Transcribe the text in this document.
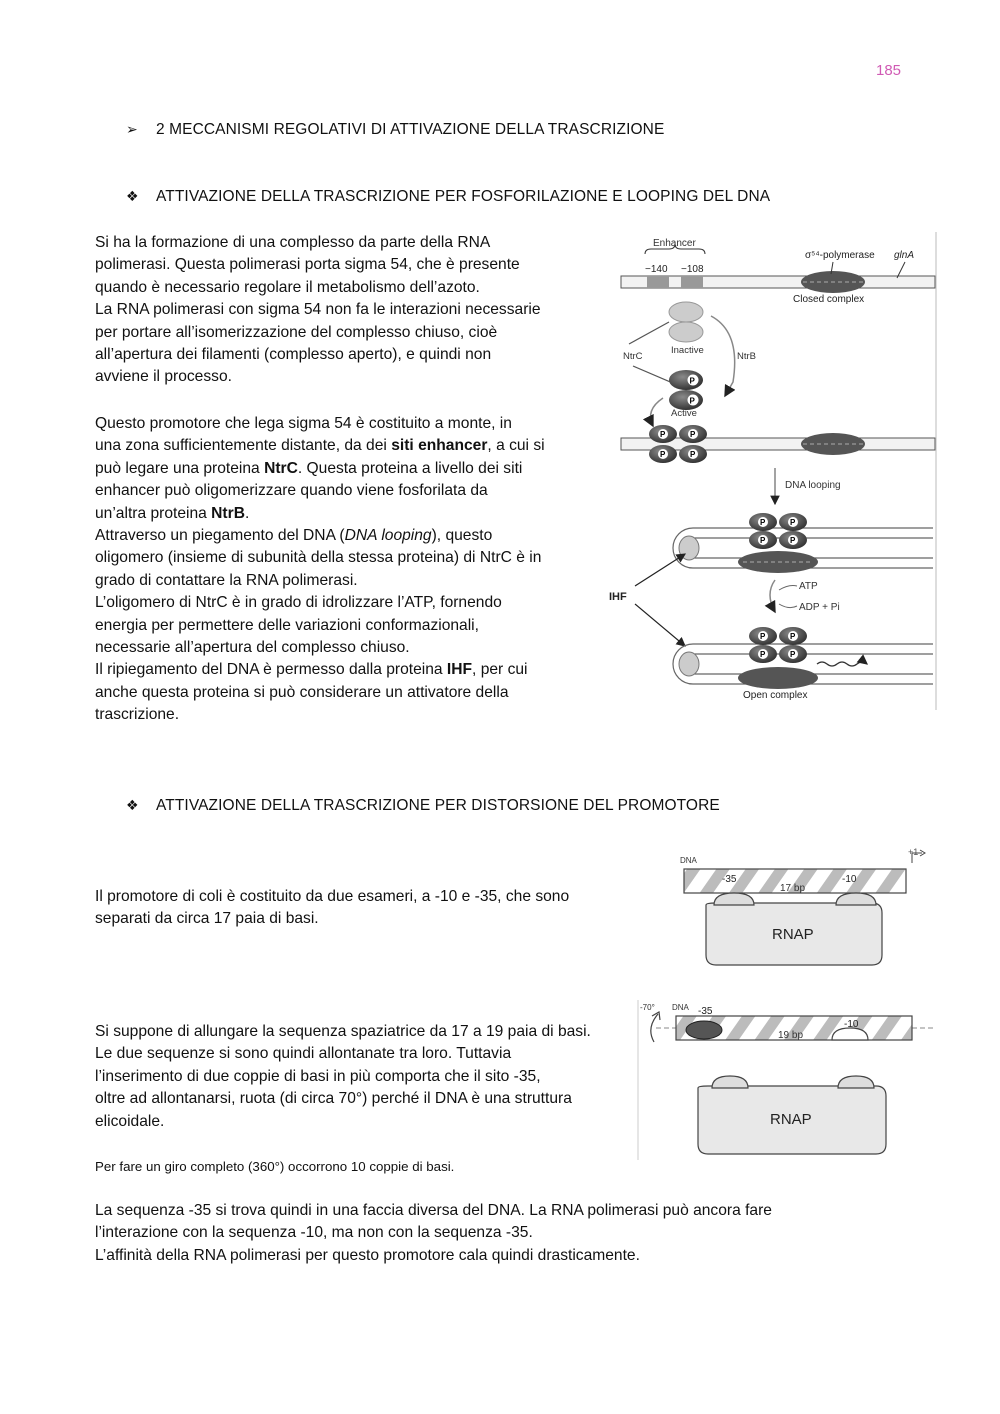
185
➢ 2 MECCANISMI REGOLATIVI DI ATTIVAZIONE DELLA TRASCRIZIONE
❖ ATTIVAZIONE DELLA TRASCRIZIONE PER FOSFORILAZIONE E LOOPING DEL DNA

Si ha la formazione di una complesso da parte della RNA

polimerasi. Questa polimerasi porta sigma 54, che è presente

quando è necessario regolare il metabolismo dell’azoto.

La RNA polimerasi con sigma 54 non fa le interazioni necessarie

per portare all’isomerizzazione del complesso chiuso, cioè

all’apertura dei filamenti (complesso aperto), e quindi non

avviene il processo.

Questo promotore che lega sigma 54 è costituito a monte, in

una zona sufficientemente distante, da dei siti enhancer, a cui si

può legare una proteina NtrC. Questa proteina a livello dei siti

enhancer può oligomerizzare quando viene fosforilata da

un’altra proteina NtrB.

Attraverso un piegamento del DNA (DNA looping), questo

oligomero (insieme di subunità della stessa proteina) di NtrC è in

grado di contattare la RNA polimerasi.

L’oligomero di NtrC è in grado di idrolizzare l’ATP, fornendo

energia per permettere delle variazioni conformazionali,

necessarie all’apertura del complesso chiuso.

Il ripiegamento del DNA è permesso dalla proteina IHF, per cui

anche questa proteina si può considerare un attivatore della

trascrizione.

Enhancer
−140 −108
σ⁵⁴-polymerase glnA
Closed complex
Inactive
NtrC	NtrB
P
P
Active
P	P
P	P
DNA looping
P	P
P	P
IHF
ATP
ADP + Pi
P	P
P	P
Open complex
❖ ATTIVAZIONE DELLA TRASCRIZIONE PER DISTORSIONE DEL PROMOTORE

Il promotore di coli è costituito da due esameri, a -10 e -35, che sono

separati da circa 17 paia di basi.

DNA
+1
-35	-10
17 bp
RNAP

Si suppone di allungare la sequenza spaziatrice da 17 a 19 paia di basi.

Le due sequenze si sono quindi allontanate tra loro. Tuttavia

l’inserimento di due coppie di basi in più comporta che il sito -35,

oltre ad allontanarsi, ruota (di circa 70°) perché il DNA è una struttura

elicoidale.

-70° DNA -35
-10
19 bp
RNAP
Per fare un giro completo (360°) occorrono 10 coppie di basi.

La sequenza -35 si trova quindi in una faccia diversa del DNA. La RNA polimerasi può ancora fare

l’interazione con la sequenza -10, ma non con la sequenza -35.

L’affinità della RNA polimerasi per questo promotore cala quindi drasticamente.
